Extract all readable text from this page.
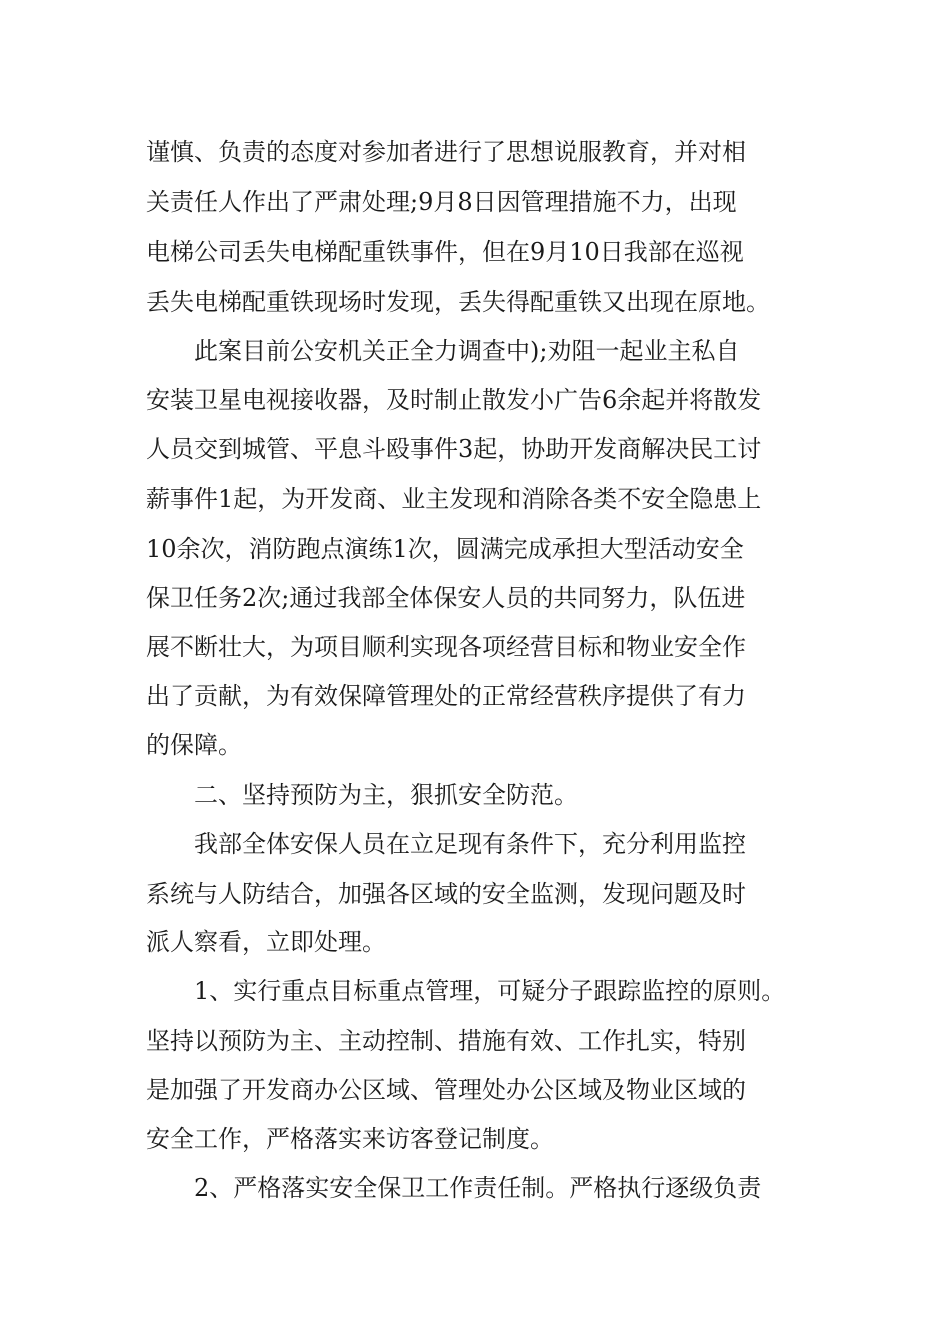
谨慎、负责的态度对参加者进行了思想说服教育，并对相
关责任人作出了严肃处理;9月8日因管理措施不力，出现
电梯公司丢失电梯配重铁事件，但在9月10日我部在巡视
丢失电梯配重铁现场时发现，丢失得配重铁又出现在原地。
此案目前公安机关正全力调查中);劝阻一起业主私自
安装卫星电视接收器，及时制止散发小广告6余起并将散发
人员交到城管、平息斗殴事件3起，协助开发商解决民工讨
薪事件1起，为开发商、业主发现和消除各类不安全隐患上
10余次，消防跑点演练1次，圆满完成承担大型活动安全
保卫任务2次;通过我部全体保安人员的共同努力，队伍进
展不断壮大，为项目顺利实现各项经营目标和物业安全作
出了贡献，为有效保障管理处的正常经营秩序提供了有力
的保障。
二、坚持预防为主，狠抓安全防范。
我部全体安保人员在立足现有条件下，充分利用监控
系统与人防结合，加强各区域的安全监测，发现问题及时
派人察看，立即处理。
1、实行重点目标重点管理，可疑分子跟踪监控的原则。
坚持以预防为主、主动控制、措施有效、工作扎实，特别
是加强了开发商办公区域、管理处办公区域及物业区域的
安全工作，严格落实来访客登记制度。
2、严格落实安全保卫工作责任制。严格执行逐级负责
